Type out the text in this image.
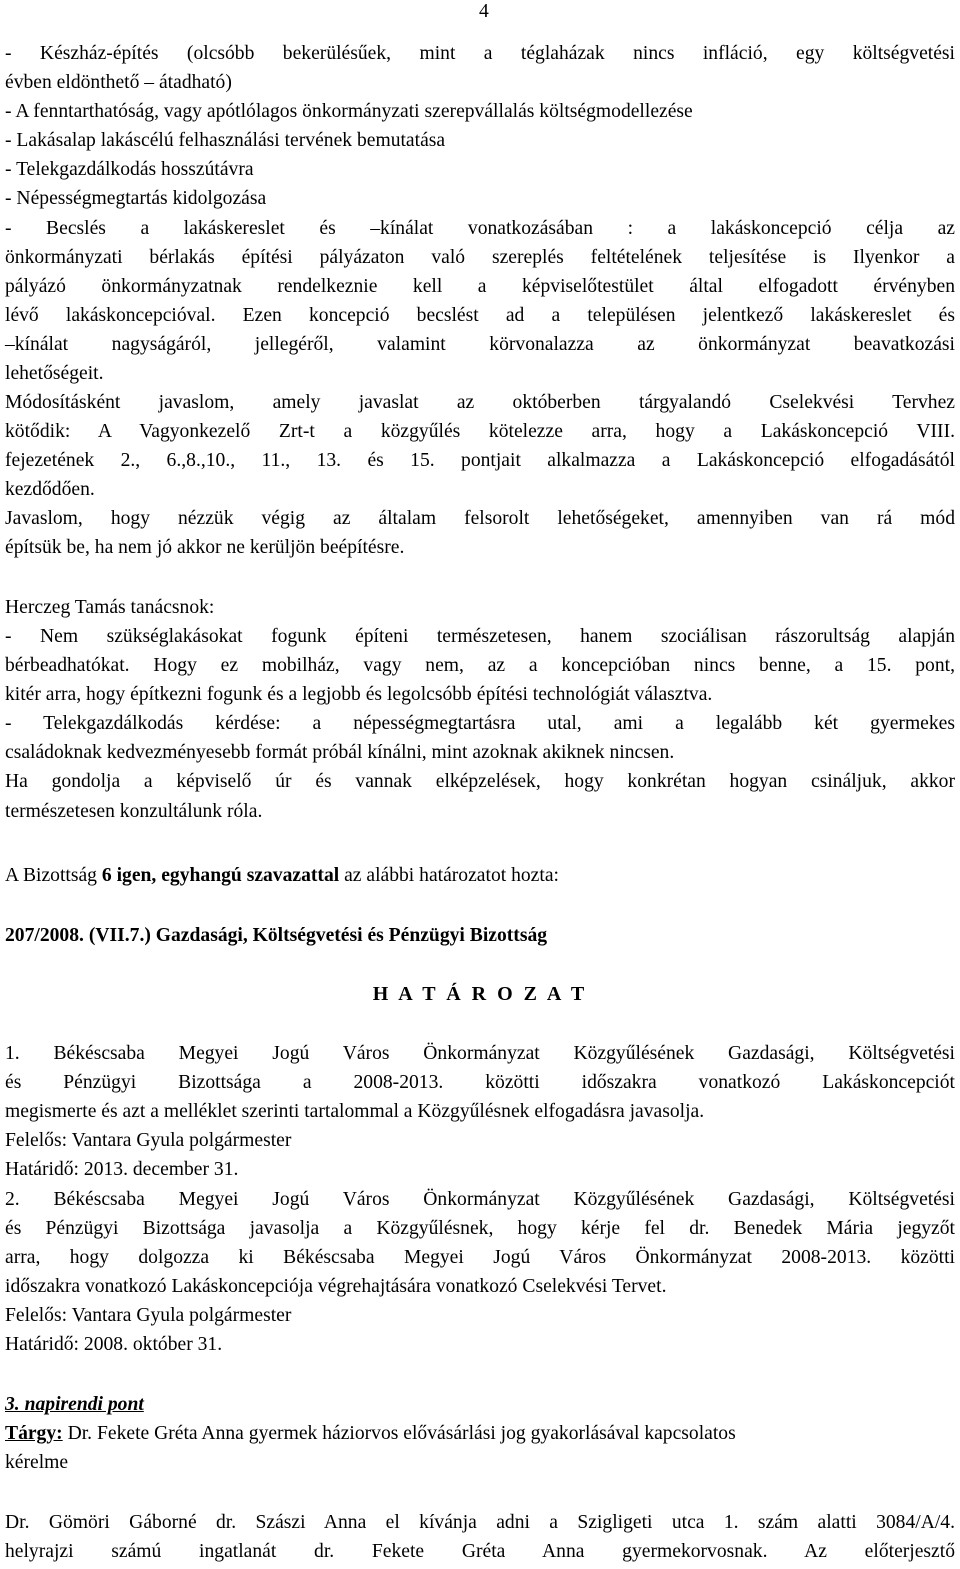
4
- Készház-építés (olcsóbb bekerülésűek, mint a téglaházak nincs infláció, egy költségvetési
évben eldönthető – átadható)
- A fenntarthatóság, vagy apótlólagos önkormányzati szerepvállalás költségmodellezése
- Lakásalap lakáscélú felhasználási tervének bemutatása
- Telekgazdálkodás hosszútávra
- Népességmegtartás kidolgozása
- Becslés a lakáskereslet és –kínálat vonatkozásában : a lakáskoncepció célja az
önkormányzati bérlakás építési pályázaton való szereplés feltételének teljesítése is Ilyenkor a
pályázó önkormányzatnak rendelkeznie kell a képviselőtestület által elfogadott érvényben
lévő lakáskoncepcióval. Ezen koncepció becslést ad a településen jelentkező lakáskereslet és
–kínálat nagyságáról, jellegéről, valamint körvonalazza az önkormányzat beavatkozási
lehetőségeit.
Módosításként javaslom, amely javaslat az októberben tárgyalandó Cselekvési Tervhez
kötődik: A Vagyonkezelő Zrt-t a közgyűlés kötelezze arra, hogy a Lakáskoncepció VIII.
fejezetének 2., 6.,8.,10., 11., 13. és 15. pontjait alkalmazza a Lakáskoncepció elfogadásától
kezdődően.
Javaslom, hogy nézzük végig az általam felsorolt lehetőségeket, amennyiben van rá mód
építsük be, ha nem jó akkor ne kerüljön beépítésre.
Herczeg Tamás tanácsnok:
- Nem szükséglakásokat fogunk építeni természetesen, hanem szociálisan rászorultság alapján
bérbeadhatókat. Hogy ez mobilház, vagy nem, az a koncepcióban nincs benne, a 15. pont,
kitér arra, hogy építkezni fogunk és a legjobb és legolcsóbb építési technológiát választva.
- Telekgazdálkodás kérdése: a népességmegtartásra utal, ami a legalább két gyermekes
családoknak kedvezményesebb formát próbál kínálni, mint azoknak akiknek nincsen.
Ha gondolja a képviselő úr és vannak elképzelések, hogy konkrétan hogyan csináljuk, akkor
természetesen konzultálunk róla.
A Bizottság 6 igen, egyhangú szavazattal az alábbi határozatot hozta:
207/2008. (VII.7.) Gazdasági, Költségvetési és Pénzügyi Bizottság
H A T Á R O Z A T
1. Békéscsaba Megyei Jogú Város Önkormányzat Közgyűlésének Gazdasági, Költségvetési
és Pénzügyi Bizottsága a 2008-2013. közötti időszakra vonatkozó Lakáskoncepciót
megismerte és azt a melléklet szerinti tartalommal a Közgyűlésnek elfogadásra javasolja.
Felelős: Vantara Gyula polgármester
Határidő: 2013. december 31.
2. Békéscsaba Megyei Jogú Város Önkormányzat Közgyűlésének Gazdasági, Költségvetési
és Pénzügyi Bizottsága javasolja a Közgyűlésnek, hogy kérje fel dr. Benedek Mária jegyzőt
arra, hogy dolgozza ki Békéscsaba Megyei Jogú Város Önkormányzat 2008-2013. közötti
időszakra vonatkozó Lakáskoncepciója végrehajtására vonatkozó Cselekvési Tervet.
Felelős: Vantara Gyula polgármester
Határidő: 2008. október 31.
3. napirendi pont
Tárgy: Dr. Fekete Gréta Anna gyermek háziorvos elővásárlási jog gyakorlásával kapcsolatos
kérelme
Dr. Gömöri Gáborné dr. Szászi Anna el kívánja adni a Szigligeti utca 1. szám alatti 3084/A/4.
helyrajzi számú ingatlanát dr. Fekete Gréta Anna gyermekorvosnak. Az előterjesztő
